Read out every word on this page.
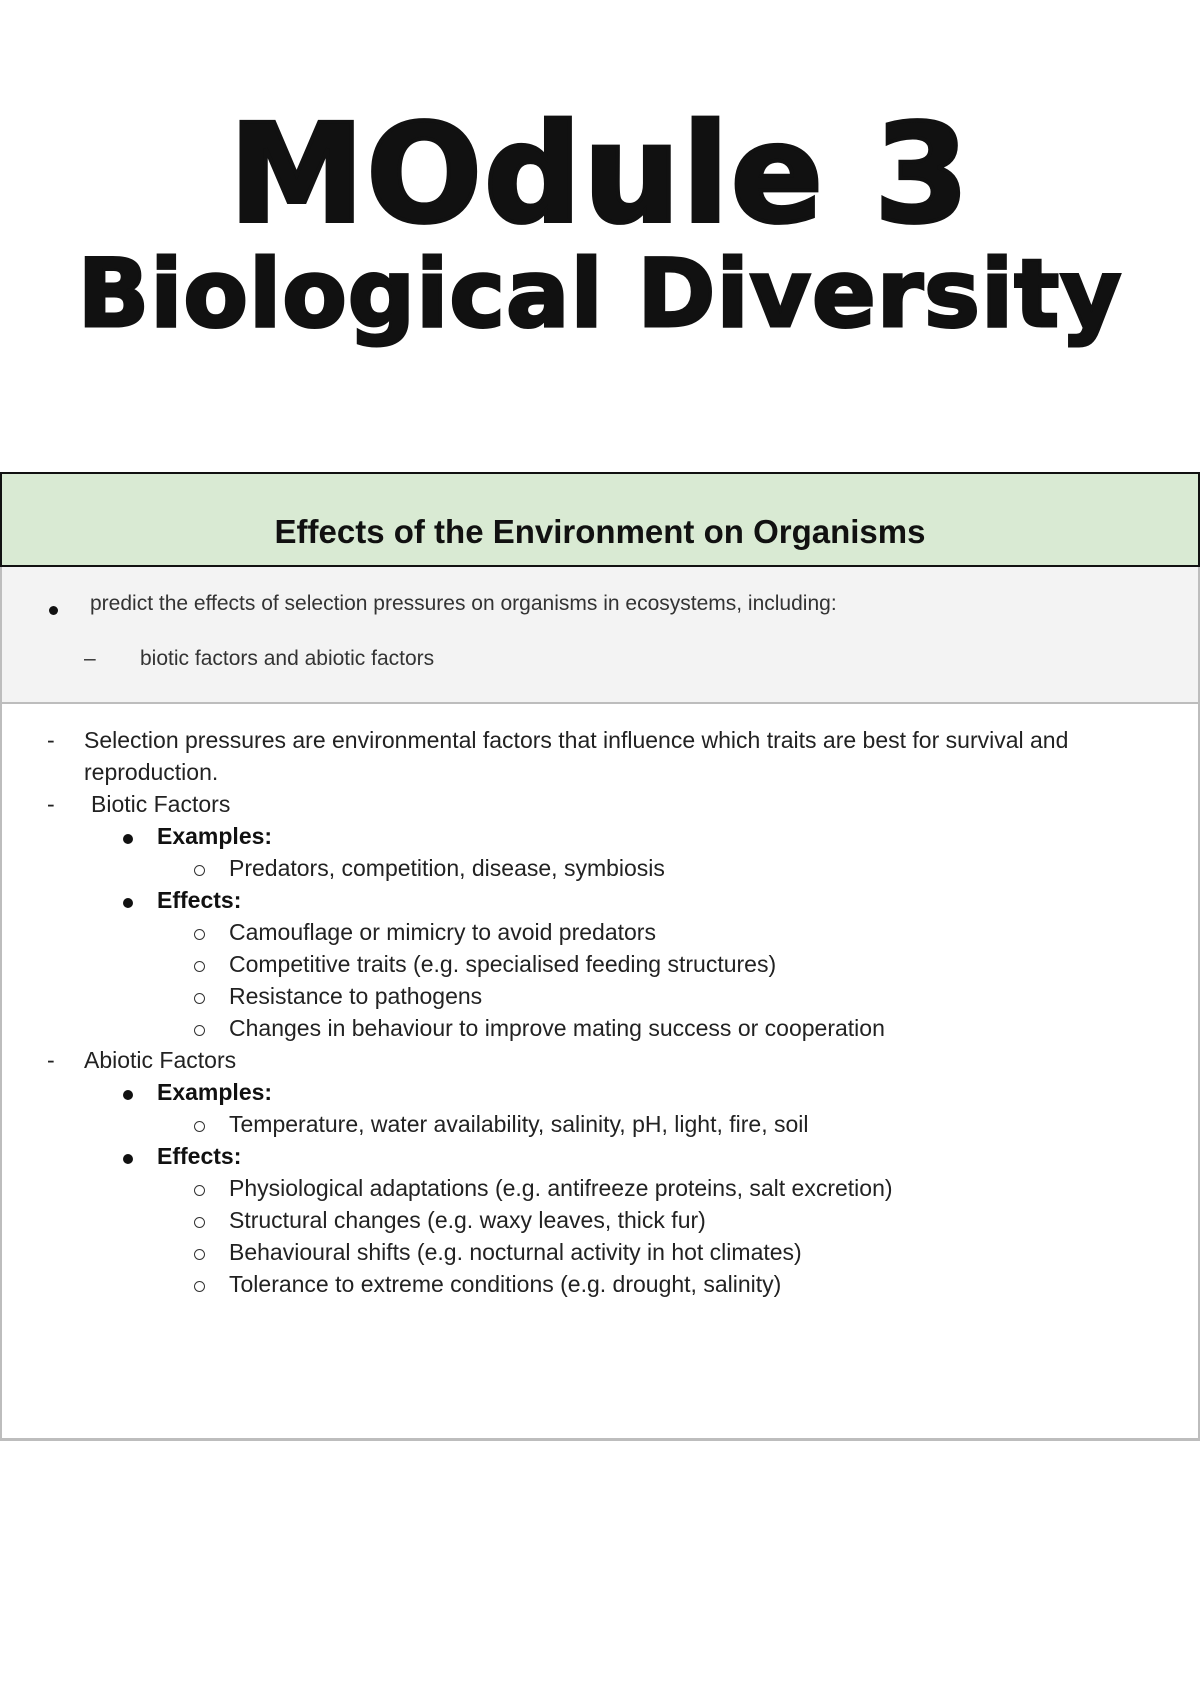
MOdule 3
Biological Diversity
Effects of the Environment on Organisms
predict the effects of selection pressures on organisms in ecosystems, including:
– biotic factors and abiotic factors
- Selection pressures are environmental factors that influence which traits are best for survival and
reproduction.
- Biotic Factors
Examples:
Predators, competition, disease, symbiosis
Effects:
Camouflage or mimicry to avoid predators
Competitive traits (e.g. specialised feeding structures)
Resistance to pathogens
Changes in behaviour to improve mating success or cooperation
- Abiotic Factors
Examples:
Temperature, water availability, salinity, pH, light, fire, soil
Effects:
Physiological adaptations (e.g. antifreeze proteins, salt excretion)
Structural changes (e.g. waxy leaves, thick fur)
Behavioural shifts (e.g. nocturnal activity in hot climates)
Tolerance to extreme conditions (e.g. drought, salinity)
